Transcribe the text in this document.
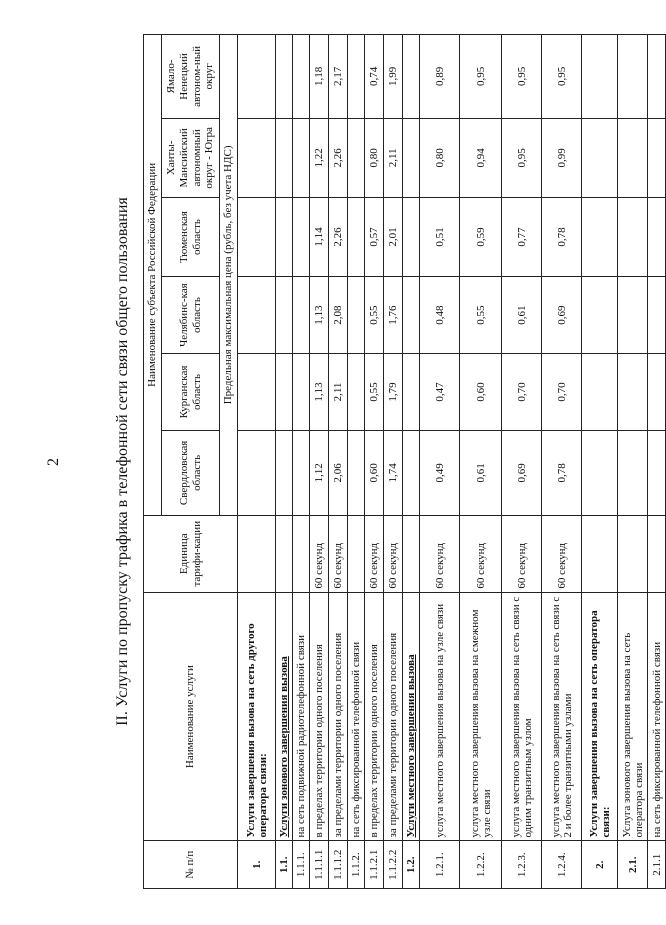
2	II. Услуги по пропуску трафика в телефонной сети связи общего пользования
№ п/п	Наименование услуги	Единица тарифи-кации	Наименование субъекта Российской Федерации					
			Свердловская область	Курганская область	Челябинс-кая область	Тюменская область	Ханты-Мансийский автономный округ - Югра	Ямало-Ненецкий автоном-ный округ
			Предельная максимальная цена (рубль, без учета НДС)					
1.	Услуги завершения вызова на сеть другого оператора связи:							
1.1.	Услуги зонового завершения вызова							
1.1.1.	на сеть подвижной радиотелефонной связи							
1.1.1.1	в пределах территории одного поселения	60 секунд	1,12	1,13	1,13	1,14	1,22	1,18
1.1.1.2	за пределами территории одного поселения	60 секунд	2,06	2,11	2,08	2,26	2,26	2,17
1.1.2.	на сеть фиксированной телефонной связи							
1.1.2.1	в пределах территории одного поселения	60 секунд	0,60	0,55	0,55	0,57	0,80	0,74
1.1.2.2	за пределами территории одного поселения	60 секунд	1,74	1,79	1,76	2,01	2,11	1,99
1.2.	Услуги местного завершения вызова							
1.2.1.	услуга местного завершения вызова на узле связи	60 секунд	0,49	0,47	0,48	0,51	0,80	0,89
1.2.2.	услуга местного завершения вызова на смежном узле связи	60 секунд	0,61	0,60	0,55	0,59	0,94	0,95
1.2.3.	услуга местного завершения вызова на сеть связи с одним транзитным узлом	60 секунд	0,69	0,70	0,61	0,77	0,95	0,95
1.2.4.	услуга местного завершения вызова на сеть связи с 2 и более транзитными узлами	60 секунд	0,78	0,70	0,69	0,78	0,99	0,95
2.	Услуги завершения вызова на сеть оператора связи:							
2.1.	Услуга зонового завершения вызова на сеть оператора связи							
2.1.1	на сеть фиксированной телефонной связи							
